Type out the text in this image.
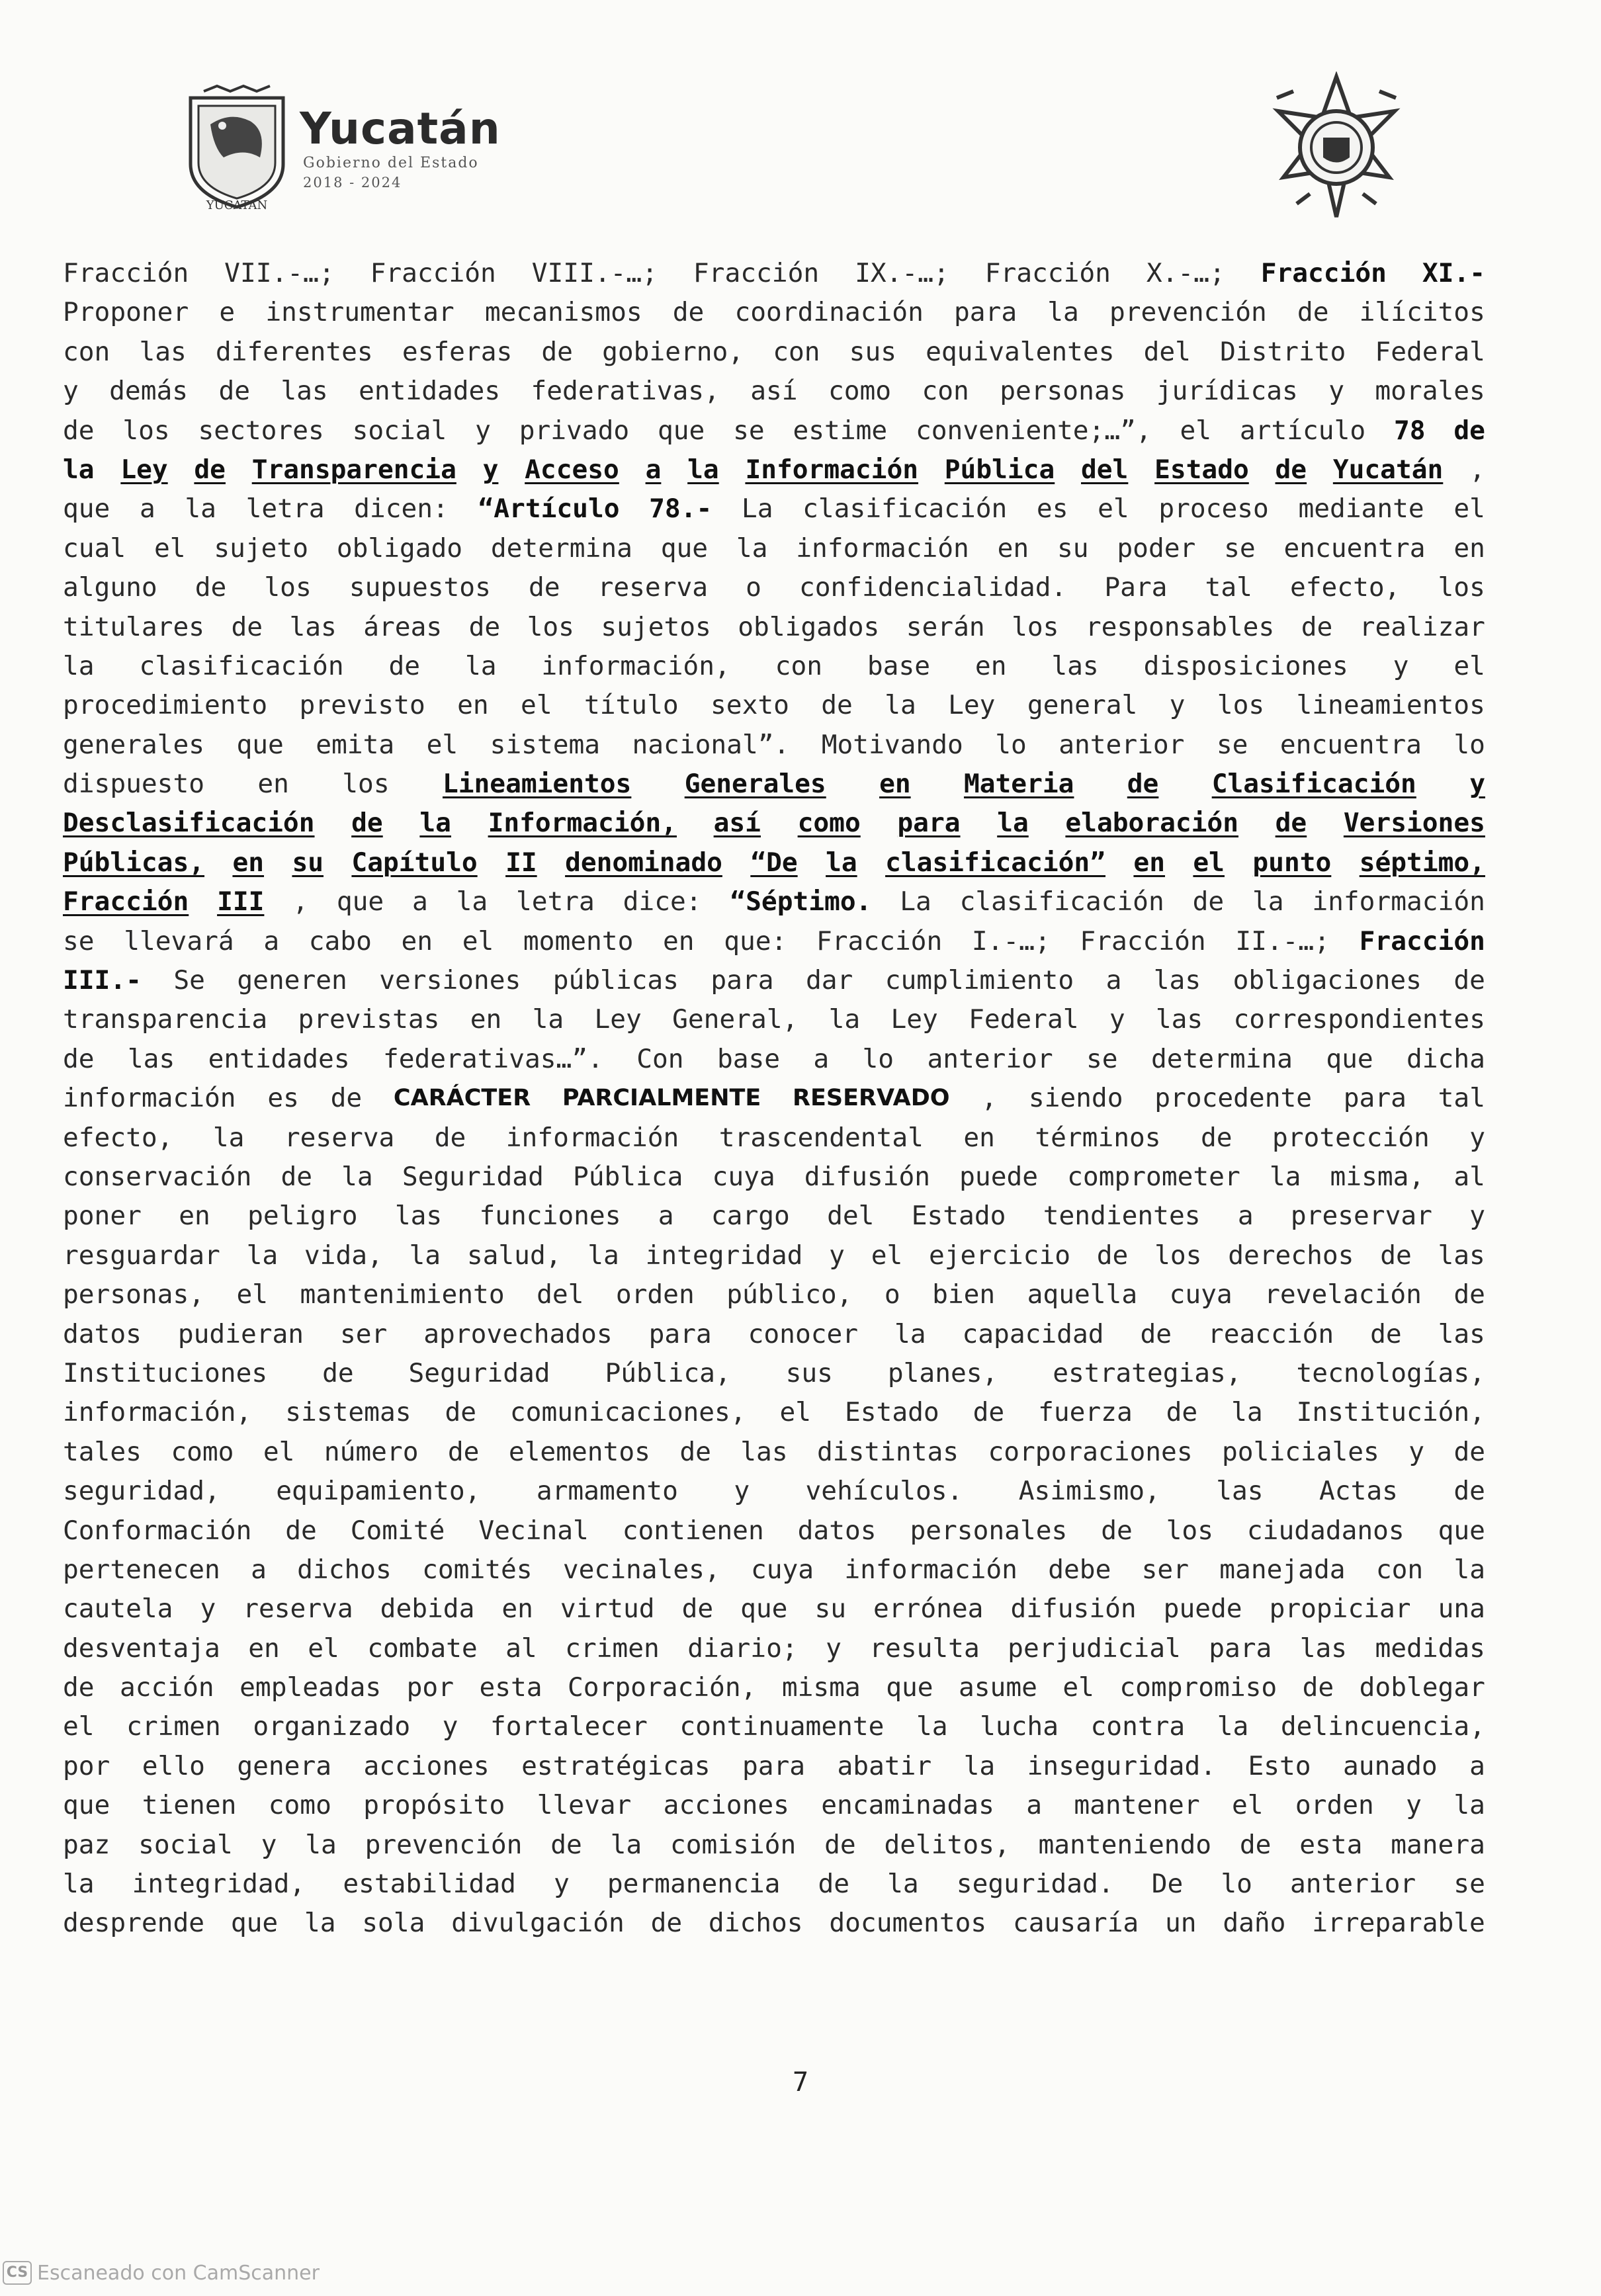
YUCATAN
Yucatán
Gobierno del Estado
2018 - 2024
Fracción VII.-…; Fracción VIII.-…; Fracción IX.-…; Fracción X.-…; Fracción XI.-
Proponer e instrumentar mecanismos de coordinación para la prevención de ilícitos
con las diferentes esferas de gobierno, con sus equivalentes del Distrito Federal
y demás de las entidades federativas, así como con personas jurídicas y morales
de los sectores social y privado que se estime conveniente;…”, el artículo 78 de
la Ley de Transparencia y Acceso a la Información Pública del Estado de Yucatán ,
que a la letra dicen: “Artículo 78.- La clasificación es el proceso mediante el
cual el sujeto obligado determina que la información en su poder se encuentra en
alguno de los supuestos de reserva o confidencialidad. Para tal efecto, los
titulares de las áreas de los sujetos obligados serán los responsables de realizar
la clasificación de la información, con base en las disposiciones y el
procedimiento previsto en el título sexto de la Ley general y los lineamientos
generales que emita el sistema nacional”. Motivando lo anterior se encuentra lo
dispuesto en los Lineamientos Generales en Materia de Clasificación y
Desclasificación de la Información, así como para la elaboración de Versiones
Públicas, en su Capítulo II denominado “De la clasificación” en el punto séptimo,
Fracción III , que a la letra dice: “Séptimo. La clasificación de la información
se llevará a cabo en el momento en que: Fracción I.-…; Fracción II.-…; Fracción
III.- Se generen versiones públicas para dar cumplimiento a las obligaciones de
transparencia previstas en la Ley General, la Ley Federal y las correspondientes
de las entidades federativas…”. Con base a lo anterior se determina que dicha
información es de CARÁCTER PARCIALMENTE RESERVADO , siendo procedente para tal
efecto, la reserva de información trascendental en términos de protección y
conservación de la Seguridad Pública cuya difusión puede comprometer la misma, al
poner en peligro las funciones a cargo del Estado tendientes a preservar y
resguardar la vida, la salud, la integridad y el ejercicio de los derechos de las
personas, el mantenimiento del orden público, o bien aquella cuya revelación de
datos pudieran ser aprovechados para conocer la capacidad de reacción de las
Instituciones de Seguridad Pública, sus planes, estrategias, tecnologías,
información, sistemas de comunicaciones, el Estado de fuerza de la Institución,
tales como el número de elementos de las distintas corporaciones policiales y de
seguridad, equipamiento, armamento y vehículos. Asimismo, las Actas de
Conformación de Comité Vecinal contienen datos personales de los ciudadanos que
pertenecen a dichos comités vecinales, cuya información debe ser manejada con la
cautela y reserva debida en virtud de que su errónea difusión puede propiciar una
desventaja en el combate al crimen diario; y resulta perjudicial para las medidas
de acción empleadas por esta Corporación, misma que asume el compromiso de doblegar
el crimen organizado y fortalecer continuamente la lucha contra la delincuencia,
por ello genera acciones estratégicas para abatir la inseguridad. Esto aunado a
que tienen como propósito llevar acciones encaminadas a mantener el orden y la
paz social y la prevención de la comisión de delitos, manteniendo de esta manera
la integridad, estabilidad y permanencia de la seguridad. De lo anterior se
desprende que la sola divulgación de dichos documentos causaría un daño irreparable
7
CS Escaneado con CamScanner
